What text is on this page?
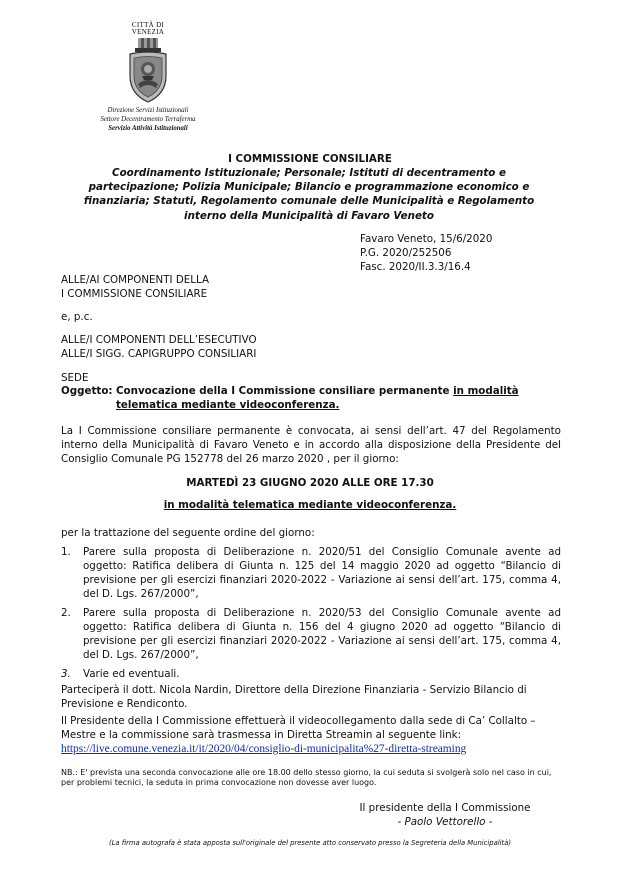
CITTÀ DI
VENEZIA
Direzione Servizi Istituzionali
Settore Decentramento Terraferma
Servizio Attività Istituzionali
I COMMISSIONE CONSILIARE
Coordinamento Istituzionale; Personale; Istituti di decentramento e partecipazione; Polizia Municipale; Bilancio e programmazione economico e finanziaria; Statuti, Regolamento comunale delle Municipalità e Regolamento interno della Municipalità di Favaro Veneto
Favaro Veneto, 15/6/2020
P.G. 2020/252506
Fasc. 2020/II.3.3/16.4
ALLE/AI COMPONENTI DELLA
I COMMISSIONE CONSILIARE
e, p.c.
ALLE/I COMPONENTI DELL’ESECUTIVO
ALLE/I SIGG. CAPIGRUPPO CONSILIARI
SEDE
Oggetto: Convocazione della I Commissione consiliare permanente in modalità telematica mediante videoconferenza.
La I Commissione consiliare permanente è convocata, ai sensi dell’art. 47 del Regolamento interno della Municipalità di Favaro Veneto e in accordo alla disposizione della Presidente del Consiglio Comunale PG 152778 del 26 marzo 2020 , per il giorno:
MARTEDÌ 23 GIUGNO 2020 ALLE ORE 17.30
in modalità telematica mediante videoconferenza.
per la trattazione del seguente ordine del giorno:
1. Parere sulla proposta di Deliberazione n. 2020/51 del Consiglio Comunale avente ad oggetto: Ratifica delibera di Giunta n. 125 del 14 maggio 2020 ad oggetto “Bilancio di previsione per gli esercizi finanziari 2020-2022 - Variazione ai sensi dell’art. 175, comma 4, del D. Lgs. 267/2000”,
2. Parere sulla proposta di Deliberazione n. 2020/53 del Consiglio Comunale avente ad oggetto: Ratifica delibera di Giunta n. 156 del 4 giugno 2020 ad oggetto “Bilancio di previsione per gli esercizi finanziari 2020-2022 - Variazione ai sensi dell’art. 175, comma 4, del D. Lgs. 267/2000”,
3. Varie ed eventuali.
Parteciperà il dott. Nicola Nardin, Direttore della Direzione Finanziaria - Servizio Bilancio di Previsione e Rendiconto.
Il Presidente della I Commissione effettuerà il videocollegamento dalla sede di Ca’ Collalto – Mestre e la commissione sarà trasmessa in Diretta Streamin al seguente link: https://live.comune.venezia.it/it/2020/04/consiglio-di-municipalita%27-diretta-streaming
NB.: E' prevista una seconda convocazione alle ore 18.00 dello stesso giorno, la cui seduta si svolgerà solo nel caso in cui, per problemi tecnici, la seduta in prima convocazione non dovesse aver luogo.
Il presidente della I Commissione
- Paolo Vettorello -
(La firma autografa è stata apposta sull'originale del presente atto conservato presso la Segreteria della Municipalità)
